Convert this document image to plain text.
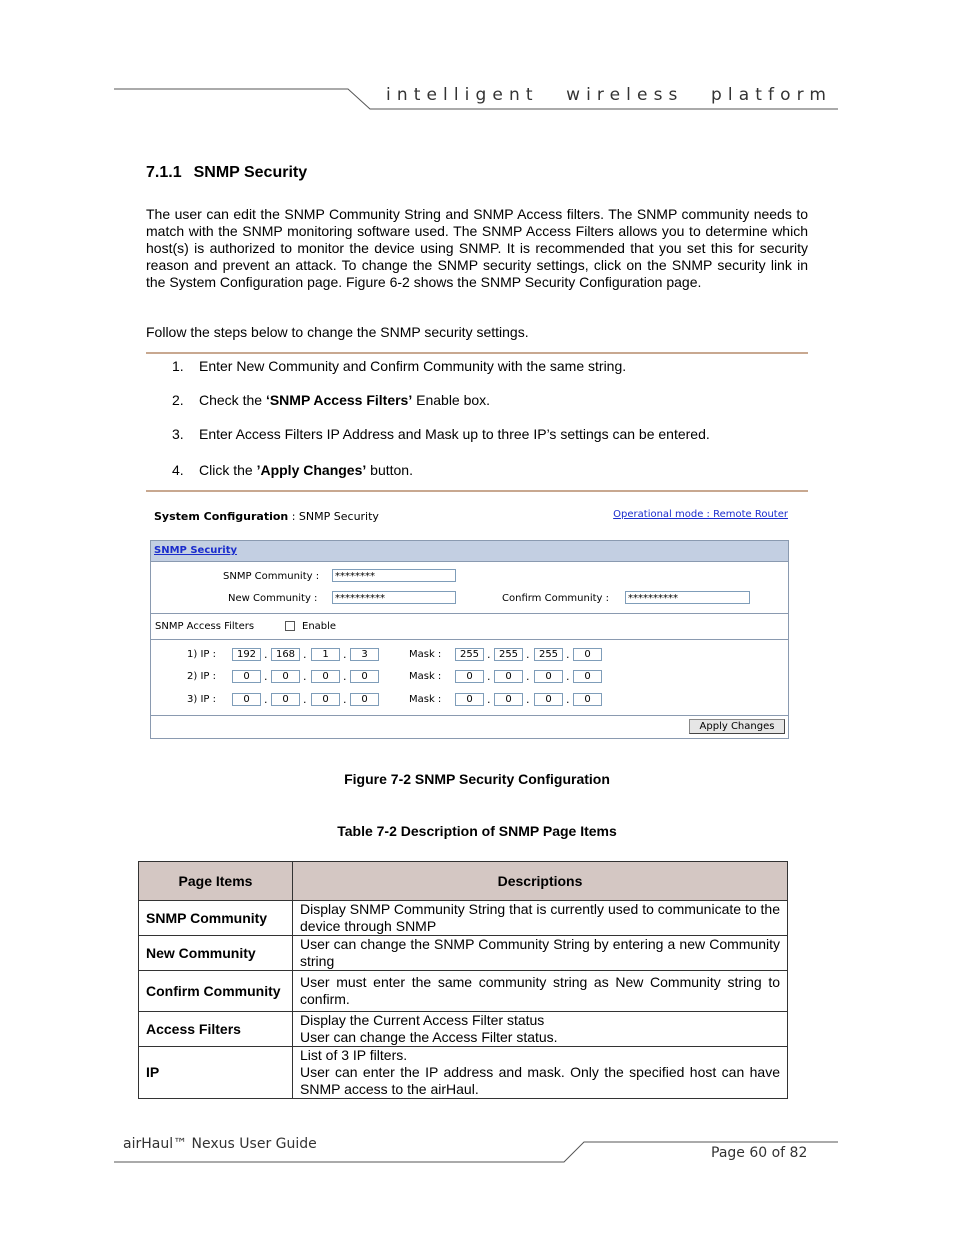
intelligent wireless platform
7.1.1 SNMP Security

The user can edit the SNMP Community String and SNMP Access filters. The SNMP community needs to match with the SNMP monitoring software used. The SNMP Access Filters allows you to determine which host(s) is authorized to monitor the device using SNMP. It is recommended that you set this for security reason and prevent an attack. To change the SNMP security settings, click on the SNMP security link in the System Configuration page. Figure 6-2 shows the SNMP Security Configuration page.

Follow the steps below to change the SNMP security settings.

1. Enter New Community and Confirm Community with the same string.
2. Check the ‘SNMP Access Filters’ Enable box.
3. Enter Access Filters IP Address and Mask up to three IP’s settings can be entered.
4. Click the ’Apply Changes’ button.
System Configuration : SNMP Security	Operational mode : Remote Router
SNMP Security
SNMP Community :	********
New Community :	**********	Confirm Community :	**********
SNMP Access Filters	Enable
1) IP :	192 . 168 .	1	.	3	Mask :	255 . 255 . 255 .	0
2) IP :	0	.	0	.	0	.	0	Mask :	0	.	0	.	0	.	0
3) IP :	0	.	0	.	0	.	0	Mask :	0	.	0	.	0	.	0
Apply Changes
Figure 7-2 SNMP Security Configuration
Table 7-2 Description of SNMP Page Items
Page Items	Descriptions
SNMP Community	Display SNMP Community String that is currently used to communicate to the device through SNMP
New Community	User can change the SNMP Community String by entering a new Community string
Confirm Community	User must enter the same community string as New Community string to confirm.
Access Filters	Display the Current Access Filter status
User can change the Access Filter status.

IP	List of 3 IP filters.
User can enter the IP address and mask. Only the specified host can have SNMP access to the airHaul.
airHaul™ Nexus User Guide
Page 60 of 82
